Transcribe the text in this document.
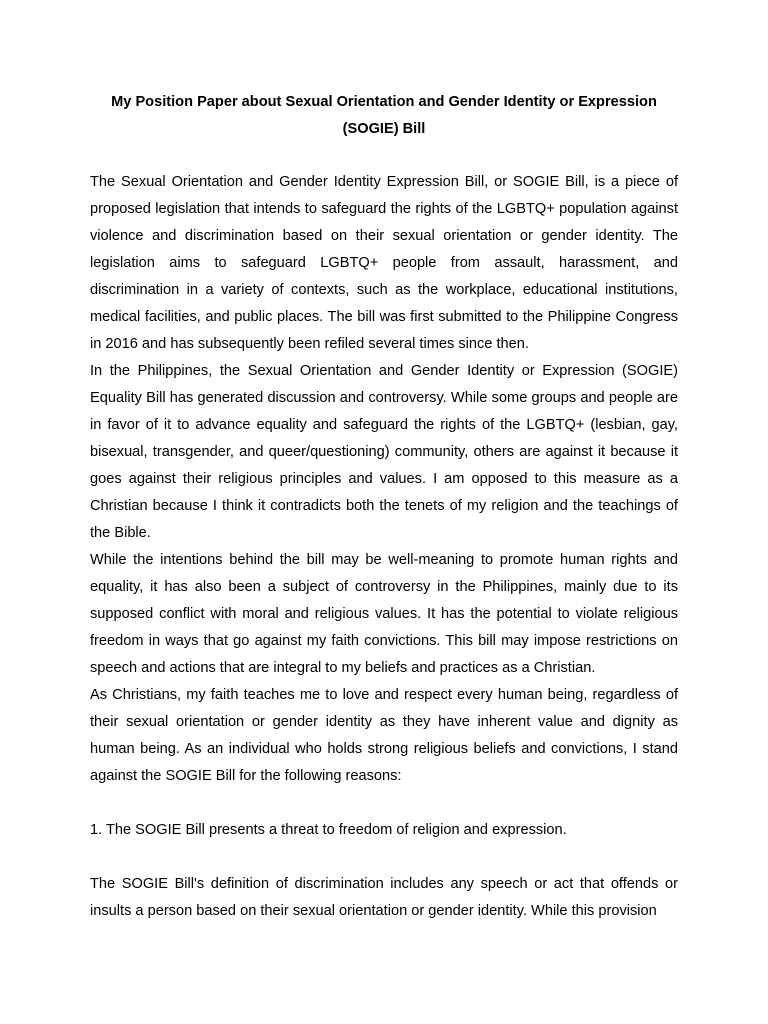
My Position Paper about Sexual Orientation and Gender Identity or Expression
(SOGIE) Bill

The Sexual Orientation and Gender Identity Expression Bill, or SOGIE Bill, is a piece of proposed legislation that intends to safeguard the rights of the LGBTQ+ population against violence and discrimination based on their sexual orientation or gender identity. The legislation aims to safeguard LGBTQ+ people from assault, harassment, and discrimination in a variety of contexts, such as the workplace, educational institutions, medical facilities, and public places. The bill was first submitted to the Philippine Congress in 2016 and has subsequently been refiled several times since then.

In the Philippines, the Sexual Orientation and Gender Identity or Expression (SOGIE) Equality Bill has generated discussion and controversy. While some groups and people are in favor of it to advance equality and safeguard the rights of the LGBTQ+ (lesbian, gay, bisexual, transgender, and queer/questioning) community, others are against it because it goes against their religious principles and values. I am opposed to this measure as a Christian because I think it contradicts both the tenets of my religion and the teachings of the Bible.

While the intentions behind the bill may be well-meaning to promote human rights and equality, it has also been a subject of controversy in the Philippines, mainly due to its supposed conflict with moral and religious values. It has the potential to violate religious freedom in ways that go against my faith convictions. This bill may impose restrictions on speech and actions that are integral to my beliefs and practices as a Christian.

As Christians, my faith teaches me to love and respect every human being, regardless of their sexual orientation or gender identity as they have inherent value and dignity as human being. As an individual who holds strong religious beliefs and convictions, I stand against the SOGIE Bill for the following reasons:

1. The SOGIE Bill presents a threat to freedom of religion and expression.

The SOGIE Bill's definition of discrimination includes any speech or act that offends or insults a person based on their sexual orientation or gender identity. While this provision
